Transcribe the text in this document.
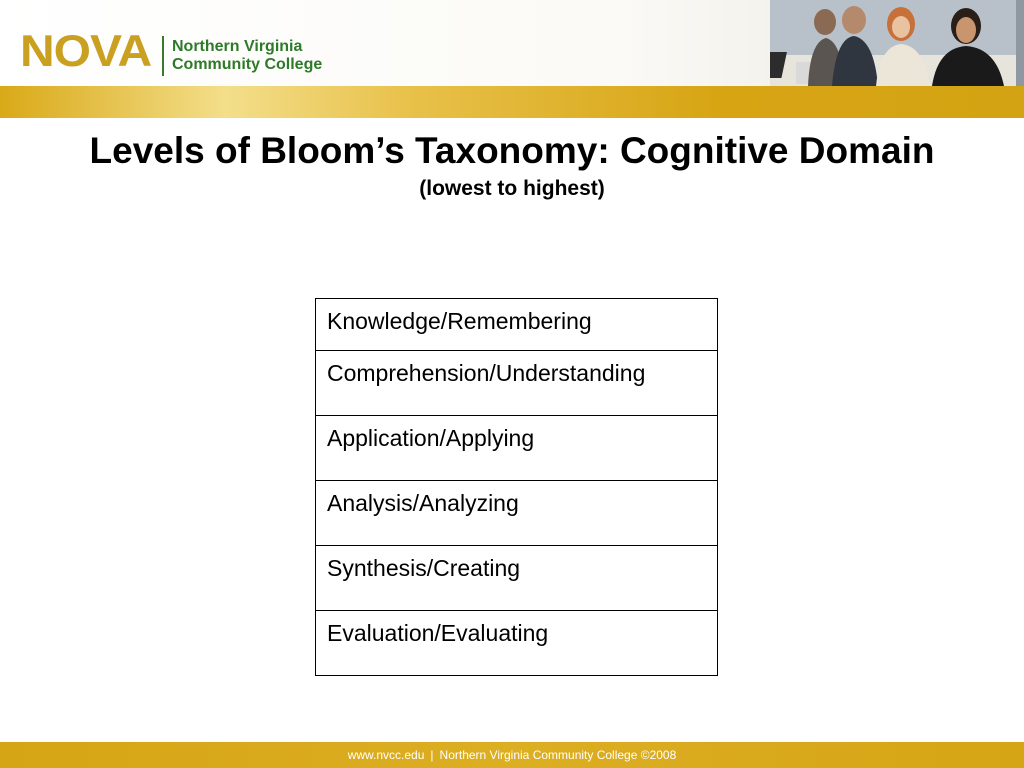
NOVA Northern Virginia
Community College
Levels of Bloom’s Taxonomy: Cognitive Domain
(lowest to highest)
Knowledge/Remembering
Comprehension/Understanding
Application/Applying
Analysis/Analyzing
Synthesis/Creating
Evaluation/Evaluating
www.nvcc.edu | Northern Virginia Community College ©2008
